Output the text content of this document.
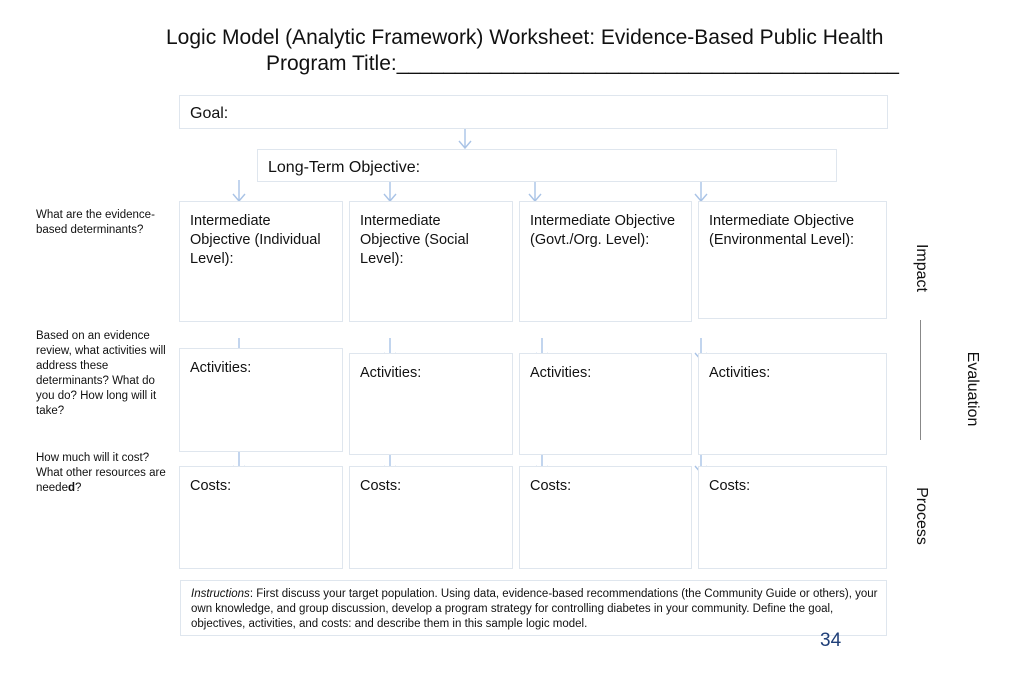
Logic Model (Analytic Framework) Worksheet: Evidence-Based Public Health
Program Title:___________________________________________
Goal:
Long-Term Objective:
What are the evidence-based determinants?
Based on an evidence review, what activities will address these determinants? What do you do? How long will it take?
How much will it cost? What other resources are needed?
Intermediate Objective (Individual Level):
Intermediate Objective (Social Level):
Intermediate Objective (Govt./Org. Level):
Intermediate Objective (Environmental Level):
Activities:	Activities:	Activities:	Activities:
Costs:	Costs:	Costs:	Costs:
Impact
Evaluation
Process
Instructions: First discuss your target population. Using data, evidence-based recommendations (the Community Guide or others), your own knowledge, and group discussion, develop a program strategy for controlling diabetes in your community. Define the goal, objectives, activities, and costs: and describe them in this sample logic model.
34
